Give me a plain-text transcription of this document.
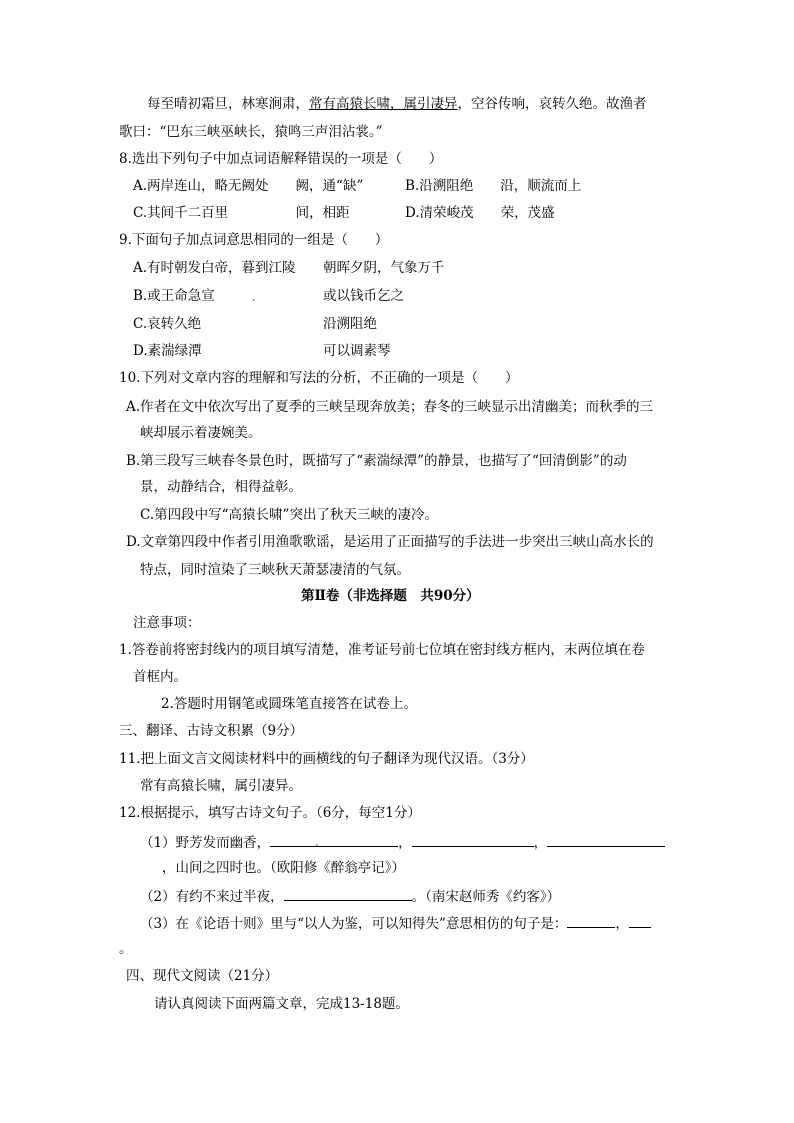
每至晴初霜旦，林寒涧肃，常有高猿长啸，属引凄异，空谷传响，哀转久绝。故渔者
歌曰：“巴东三峡巫峡长，猿鸣三声泪沾裳。”
8.选出下列句子中加点词语解释错误的一项是（　　）
A.两岸连山，略无阙处　　阙，通“缺”	B.沿溯阻绝　　沿，顺流而上
C.其间千二百里　　　　　间，相距	D.清荣峻茂　　荣，茂盛
9.下面句子加点词意思相同的一组是（　　）
A.有时朝发白帝，暮到江陵 朝晖夕阴，气象万千
B.或王命急宣	或以钱币乞之
C.哀转久绝	沿溯阻绝
D.素湍绿潭	可以调素琴
10.下列对文章内容的理解和写法的分析，不正确的一项是（　　）
A.作者在文中依次写出了夏季的三峡呈现奔放美；春冬的三峡显示出清幽美；而秋季的三
峡却展示着凄婉美。
B.第三段写三峡春冬景色时，既描写了“素湍绿潭”的静景，也描写了“回清倒影”的动
景，动静结合，相得益彰。
C.第四段中写“高猿长啸”突出了秋天三峡的凄冷。
D.文章第四段中作者引用渔歌歌谣，是运用了正面描写的手法进一步突出三峡山高水长的
特点，同时渲染了三峡秋天萧瑟凄清的气氛。
第Ⅱ卷（非选择题　共90分）
注意事项：
1.答卷前将密封线内的项目填写清楚，准考证号前七位填在密封线方框内，末两位填在卷
首框内。
2.答题时用钢笔或圆珠笔直接答在试卷上。
三、翻译、古诗文积累（9分）
11.把上面文言文阅读材料中的画横线的句子翻译为现代汉语。（3分）
常有高猿长啸，属引凄异。
12.根据提示，填写古诗文句子。（6分，每空1分）
（1）野芳发而幽香，	，	，
，山间之四时也。（欧阳修《醉翁亭记》）
（2）有约不来过半夜，	。（南宋赵师秀《约客》）
（3）在《论语十则》里与“以人为鉴，可以知得失”意思相仿的句子是：	，
。
四、现代文阅读（21分）
请认真阅读下面两篇文章，完成13-18题。
